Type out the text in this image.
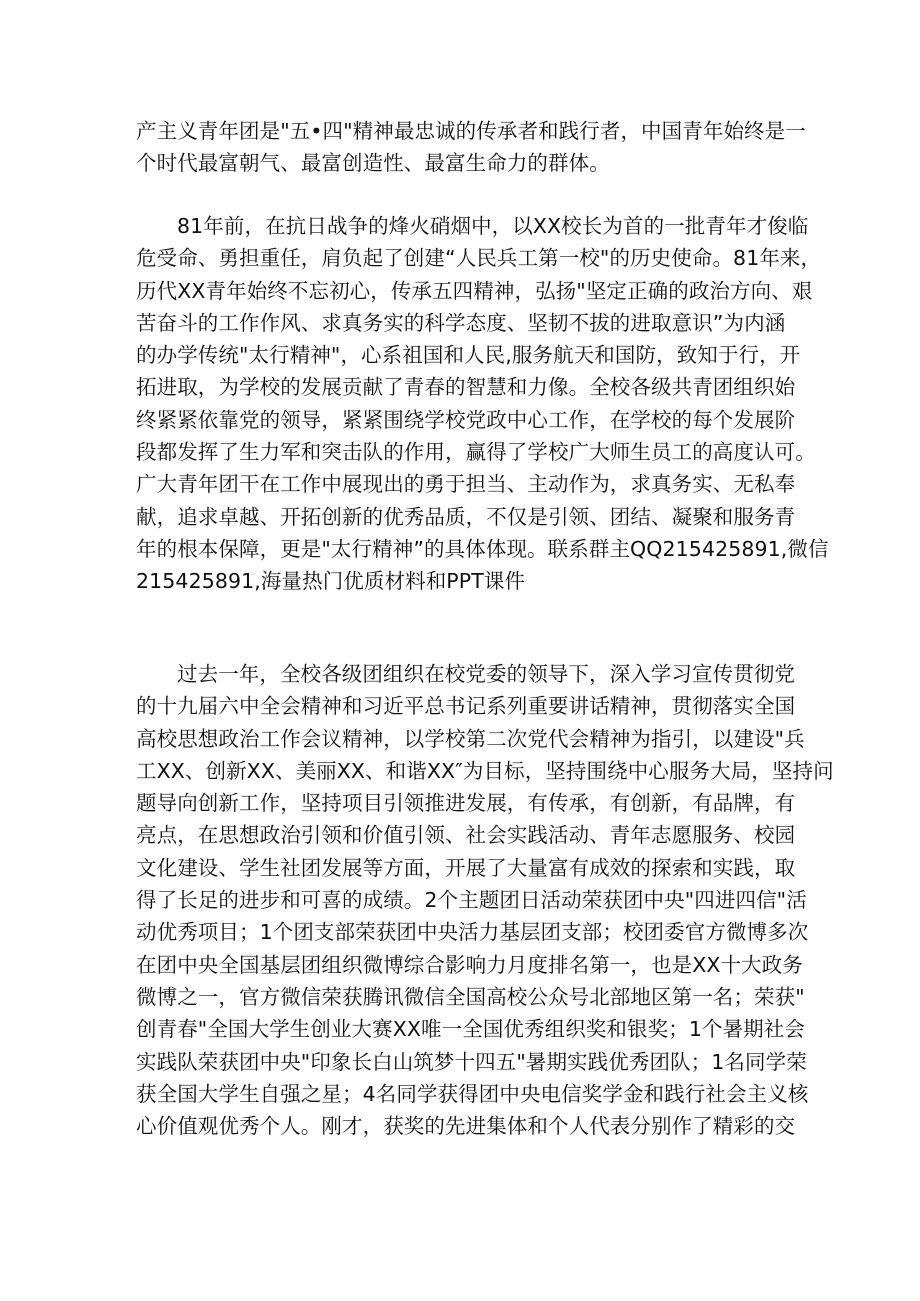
产主义青年团是"五•四"精神最忠诚的传承者和践行者，中国青年始终是一
个时代最富朝气、最富创造性、最富生命力的群体。
81年前，在抗日战争的烽火硝烟中，以XX校长为首的一批青年才俊临
危受命、勇担重任，肩负起了创建“人民兵工第一校"的历史使命。81年来，
历代XX青年始终不忘初心，传承五四精神，弘扬"坚定正确的政治方向、艰
苦奋斗的工作作风、求真务实的科学态度、坚韧不拔的进取意识”为内涵
的办学传统"太行精神"，心系祖国和人民,服务航天和国防，致知于行，开
拓进取，为学校的发展贡献了青春的智慧和力像。全校各级共青团组织始
终紧紧依靠党的领导，紧紧围绕学校党政中心工作，在学校的每个发展阶
段都发挥了生力军和突击队的作用，赢得了学校广大师生员工的高度认可。
广大青年团干在工作中展现出的勇于担当、主动作为，求真务实、无私奉
献，追求卓越、开拓创新的优秀品质，不仅是引领、团结、凝聚和服务青
年的根本保障，更是"太行精神”的具体体现。联系群主QQ215425891,微信
215425891,海量热门优质材料和PPT课件
过去一年，全校各级团组织在校党委的领导下，深入学习宣传贯彻党
的十九届六中全会精神和习近平总书记系列重要讲话精神，贯彻落实全国
高校思想政治工作会议精神，以学校第二次党代会精神为指引，以建设"兵
工XX、创新XX、美丽XX、和谐XX″为目标，坚持围绕中心服务大局，坚持问
题导向创新工作，坚持项目引领推进发展，有传承，有创新，有品牌，有
亮点，在思想政治引领和价值引领、社会实践活动、青年志愿服务、校园
文化建设、学生社团发展等方面，开展了大量富有成效的探索和实践，取
得了长足的进步和可喜的成绩。2个主题团日活动荣获团中央"四进四信"活
动优秀项目；1个团支部荣获团中央活力基层团支部；校团委官方微博多次
在团中央全国基层团组织微博综合影响力月度排名第一，也是XX十大政务
微博之一，官方微信荣获腾讯微信全国高校公众号北部地区第一名；荣获"
创青春"全国大学生创业大赛XX唯一全国优秀组织奖和银奖；1个暑期社会
实践队荣获团中央"印象长白山筑梦十四五"暑期实践优秀团队；1名同学荣
获全国大学生自强之星；4名同学获得团中央电信奖学金和践行社会主义核
心价值观优秀个人。刚才，获奖的先进集体和个人代表分别作了精彩的交
